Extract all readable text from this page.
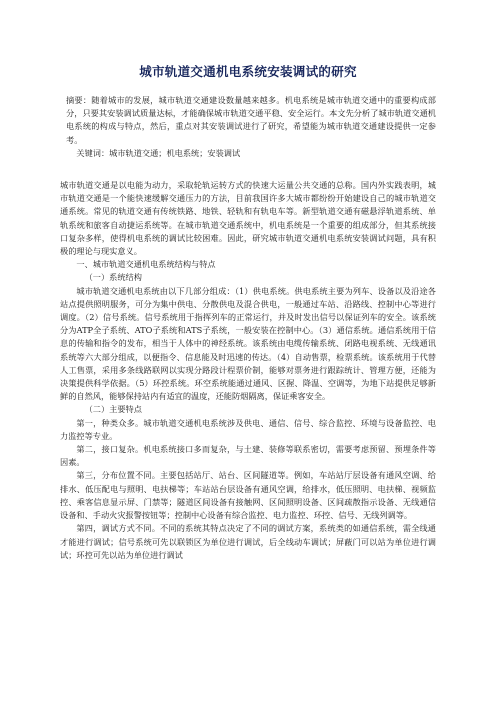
城市轨道交通机电系统安装调试的研究

摘要：随着城市的发展，城市轨道交通建设数量越来越多。机电系统是城市轨道交通中的重要构成部分，只要其安装调试质量达标，才能确保城市轨道交通平稳、安全运行。本文先分析了城市轨道交通机电系统的构成与特点，然后，重点对其安装调试进行了研究，希望能为城市轨道交通建设提供一定参考。

关键词：城市轨道交通；机电系统；安装调试

城市轨道交通是以电能为动力，采取轮轨运转方式的快速大运量公共交通的总称。国内外实践表明，城市轨道交通是一个能快速缓解交通压力的方法，目前我国许多大城市都纷纷开始建设自己的城市轨道交通系统。常见的轨道交通有传统铁路、地铁、轻轨和有轨电车等。新型轨道交通有磁悬浮轨道系统、单轨系统和旅客自动捷运系统等。在城市轨道交通系统中，机电系统是一个重要的组成部分，但其系统接口复杂多样，使得机电系统的调试比较困难。因此，研究城市轨道交通机电系统安装调试问题，具有积极的理论与现实意义。

一、城市轨道交通机电系统结构与特点

（一）系统结构

城市轨道交通机电系统由以下几部分组成：（1）供电系统。供电系统主要为列车、设备以及沿途各站点提供照明服务，可分为集中供电、分散供电及混合供电，一般通过车站、沿路线、控制中心等进行调度。（2）信号系统。信号系统用于指挥列车的正常运行，并及时发出信号以保证列车的安全。该系统分为ATP全子系统、ATO子系统和ATS子系统，一般安装在控制中心。（3）通信系统。通信系统用于信息的传输和指令的发布，相当于人体中的神经系统。该系统由电缆传输系统、闭路电视系统、无线通讯系统等六大部分组成，以便指令、信息能及时迅速的传达。（4）自动售票，检票系统。该系统用于代替人工售票，采用多条线路联网以实现分路段计程票价制，能够对票务进行跟踪统计、管理方便，还能为决策提供科学依据。（5）环控系统。环空系统能通过通风、区握、降温、空调等，为地下站提供足够新鲜的自然风，能够保持站内有适宜的温度，还能防烟隔离，保证乘客安全。

（二）主要特点

第一，种类众多。城市轨道交通机电系统涉及供电、通信、信号、综合监控、环境与设备监控、电力监控等专业。

第二，接口复杂。机电系统接口多而复杂，与土建、装修等联系密切，需要考虑预留、预埋条件等因素。

第三，分布位置不同。主要包括站厅、站台、区间隧道等。例如，车站站厅层设备有通风空调、给排水、低压配电与照明、电扶梯等；车站站台层设备有通风空调，给排水，低压照明、电扶梯、视频监控、乘客信息显示屏、门禁等；隧道区间设备有接触网、区间照明设备、区间疏散指示设备、无线通信设备和、手动火灾报警按钮等；控制中心设备有综合监控、电力监控、环控、信号、无线列调等。

第四，调试方式不同。不同的系统其特点决定了不同的调试方案，系统类的如通信系统，需全线通才能进行调试；信号系统可先以联锁区为单位进行调试，后全线动车调试；屏蔽门可以站为单位进行调试；环控可先以站为单位进行调试
